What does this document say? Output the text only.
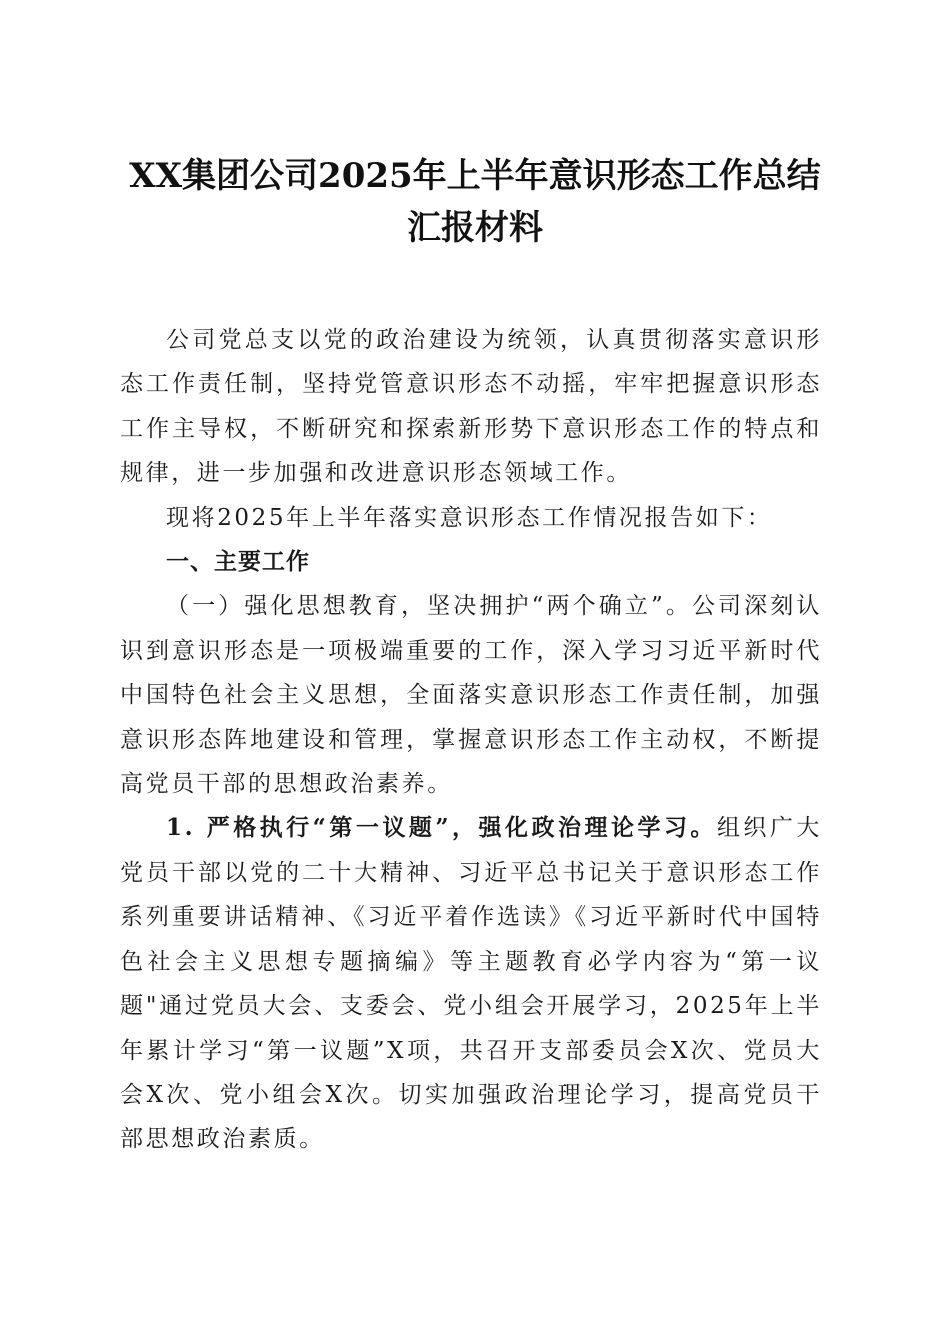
XX集团公司2025年上半年意识形态工作总结
汇报材料

公司党总支以党的政治建设为统领，认真贯彻落实意识形态工作责任制，坚持党管意识形态不动摇，牢牢把握意识形态工作主导权，不断研究和探索新形势下意识形态工作的特点和规律，进一步加强和改进意识形态领域工作。

现将2025年上半年落实意识形态工作情况报告如下：

一、主要工作

（一）强化思想教育，坚决拥护“两个确立”。公司深刻认识到意识形态是一项极端重要的工作，深入学习习近平新时代中国特色社会主义思想，全面落实意识形态工作责任制，加强意识形态阵地建设和管理，掌握意识形态工作主动权，不断提高党员干部的思想政治素养。

1. 严格执行“第一议题”，强化政治理论学习。组织广大党员干部以党的二十大精神、习近平总书记关于意识形态工作系列重要讲话精神、《习近平着作选读》《习近平新时代中国特色社会主义思想专题摘编》等主题教育必学内容为“第一议题"通过党员大会、支委会、党小组会开展学习，2025年上半年累计学习“第一议题”X项，共召开支部委员会X次、党员大会X次、党小组会X次。切实加强政治理论学习，提高党员干部思想政治素质。
